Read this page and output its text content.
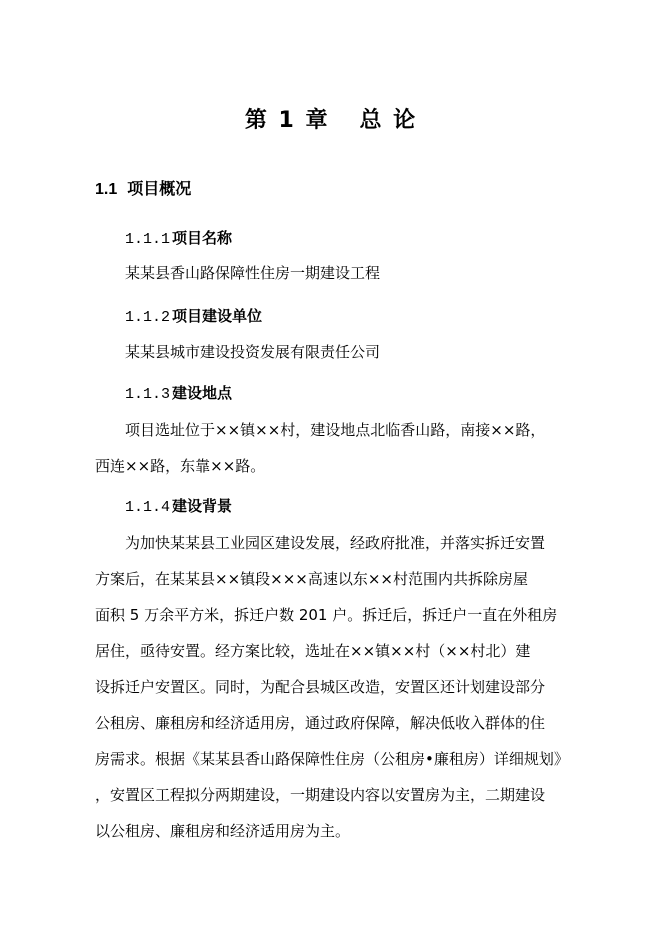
第 1 章 总 论
1.1 项目概况
1.1.1 项目名称
某某县香山路保障性住房一期建设工程
1.1.2 项目建设单位
某某县城市建设投资发展有限责任公司
1.1.3 建设地点
项目选址位于××镇××村，建设地点北临香山路，南接××路，
西连××路，东靠××路。
1.1.4 建设背景
为加快某某县工业园区建设发展，经政府批准，并落实拆迁安置
方案后，在某某县××镇段×××高速以东××村范围内共拆除房屋
面积 5 万余平方米，拆迁户数 201 户。拆迁后，拆迁户一直在外租房
居住，亟待安置。经方案比较，选址在××镇××村（××村北）建
设拆迁户安置区。同时，为配合县城区改造，安置区还计划建设部分
公租房、廉租房和经济适用房，通过政府保障，解决低收入群体的住
房需求。根据《某某县香山路保障性住房（公租房•廉租房）详细规划》
，安置区工程拟分两期建设，一期建设内容以安置房为主，二期建设
以公租房、廉租房和经济适用房为主。
